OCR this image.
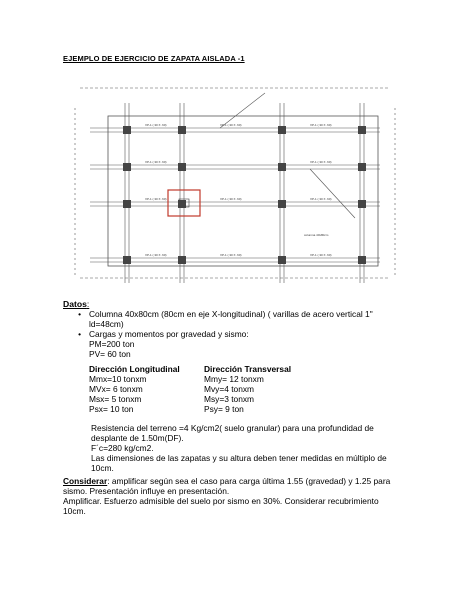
EJEMPLO DE EJERCICIO DE ZAPATA AISLADA -1
VP-1 (.30 X .60)	VP-1 (.30 X .60)	VP-1 (.30 X .60)
VP-1 (.30 X .60)	VP-1 (.30 X .60)
VP-1 (.30 X .60)	VP-1 (.30 X .60)	VP-1 (.30 X .60)
VP-1 (.30 X .60)	VP-1 (.30 X .60)	VP-1 (.30 X .60)
columna 40x80cm
Datos:
• Columna 40x80cm (80cm en eje X-longitudinal) ( varillas de acero vertical 1"
ld=48cm)
• Cargas y momentos por gravedad y sismo:
PM=200 ton
PV= 60 ton
Dirección Longitudinal	Dirección Transversal
Mmx=10 tonxm	Mmy= 12 tonxm
MVx= 6 tonxm	Mvy=4 tonxm
Msx= 5 tonxm	Msy=3 tonxm
Psx= 10 ton	Psy= 9 ton
Resistencia del terreno =4 Kg/cm2( suelo granular) para una profundidad de
desplante de 1.50m(DF).
F´c=280 kg/cm2.
Las dimensiones de las zapatas y su altura deben tener medidas en múltiplo de
10cm.
Considerar: amplificar según sea el caso para carga última 1.55 (gravedad) y 1.25 para
sismo. Presentación influye en presentación.
Amplificar. Esfuerzo admisible del suelo por sismo en 30%. Considerar recubrimiento
10cm.
